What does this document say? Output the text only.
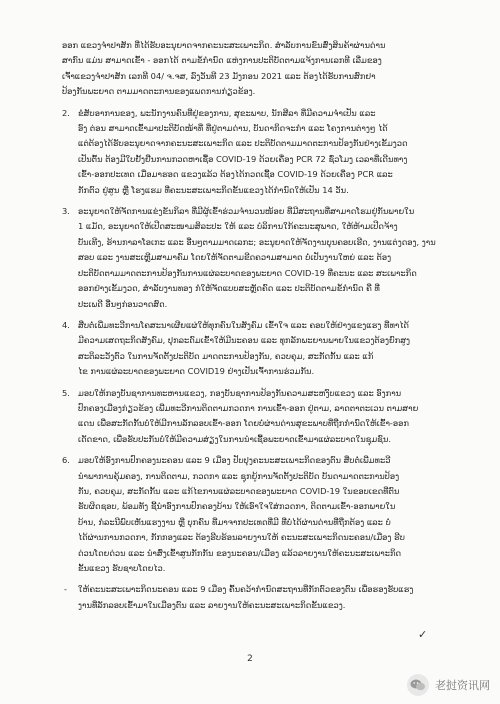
ອອກ ແຂວງຈຳປາສັກ ທີ່ໄດ້ຮັບອະນຸຍາດຈາກຄະນະສະເພາະກິດ. ສຳລັບການຂົນສົ່ງສິນຄ້າຜ່ານດ່ານ
ສາກົນ ແມ່ນ ສາມາດເຂົ້າ - ອອກໄດ້ ຕາມຂໍ້ກຳນົດ ແຫ່ງການປະຕິບັດຕາມແຈ້ງການເລກທີ ເລີ່ມຂອງ
ເຈົ້າແຂວງຈຳປາສັກ ເລກທີ 04/ ຈ.ຈສ, ລົງວັນທີ 23 ມັງກອນ 2021 ແລະ ຕ້ອງໄດ້ຮັບການສົກຢາ
ປ້ອງກັນພະຍາດ ຕາມມາດຕະການຂອງແພດການກ່ຽວຂ້ອງ.
2. ຂໍສັບອາການຂອງ, ພະນັກງານຄົນທີ່ຢູ່ຂອງການ, ສຸຂະພາບ, ນັກສີລາ ທີ່ມີຄວາມຈຳເປັນ ແລະ
ອົງ ຕ່ອນ ສາມາດເຂົ້າມາປະຕິບັດໜ້າທີ່ ທີ່ຢູ່ຕາມດ່ານ, ບັນດາກິດຈະກຳ ແລະ ໂຄງການຕ່າງໆ ໄດ້
ແຕ່ຕ້ອງໄດ້ຮັບອະນຸຍາດຈາກຄະນະສະເພາະກິດ ແລະ ປະຕິບັດຕາມມາດຕະການປ້ອງກັນຢ່າງເຂັ້ມງວດ
ເປັນຕົ້ນ ຕ້ອງມີໃບຢັ້ງຢືນການກວດຫາເຊື້ອ COVID-19 ດ້ວຍເຄື່ອງ PCR 72 ຊົ່ວໂມງ ເວລາທີ່ເດີນທາງ
ເຂົ້າ-ອອກປະເທດ ເມື່ອມາຮອດ ແຂວງແລ້ວ ຕ້ອງໄດ້ກວດເຊື້ອ COVID-19 ດ້ວຍເຄື່ອງ PCR ແລະ
ກັກຕົວ ຢູ່ສູນ ຫຼື ໂຮງແຮມ ທີ່ຄະນະສະເພາະກິດຂັ້ນແຂວງໄດ້ກຳນົດໃຫ້ເປັນ 14 ວັນ.
3. ອະນຸຍາດໃຫ້ຈັດການແຂ່ງຂັນກິລາ ທີ່ມີຜູ້ເຂົ້າຮ່ວມຈຳນວນໜ້ອຍ ທີ່ມີສະຖານທີ່ສາມາດໂຮມຢູ່ກັນພາຍໃນ
1 ແມັດ, ອະນຸຍາດໃຫ້ເປີດສະໜາມສິລະປະ ໃຫ້ ແລະ ບໍລິການໃກ້ຄະນະສຸພາດ, ໃຫ້ຫ້າມເປີດຈ້າງ
ບັນເທີງ, ຮ້ານກາລາໂອເກະ ແລະ ອື່ນໆຕາມມາດເລກະ; ອະນຸຍາດໃຫ້ຈັດງານບຸນຄອບເຮີດ, ງານແຕ່ງດອງ, ງານ
ສອບ ແລະ ງານສະເຫຼີມສາມາຄົມ ໂດຍໃຫ້ຈັດຕາມຂີດຄວາມສາມາດ ບໍ່ເປັນງານໃຫຍ່ ແລະ ຕ້ອງ
ປະຕິບັດຕາມມາດຕະການປ້ອງກັນການແຜ່ລະບາດຂອງພະຍາດ COVID-19 ທີ່ຄະນະ ແລະ ສະເພາະກິດ
ອອກຢ່າງເຂັ້ມງວດ, ສຳລັບງານທອງ ກໍໃຫ້ຈັດແບບສະຫຼັດຄົດ ແລະ ປະຕິບັດຕາມຂໍ້ກຳນົດ ຄື ທີ່
ປະເພດີ ອື່ນໆກ່ອນວາດສົດ.
4. ສືບຕໍ່ເພີ່ມທະວີການໂຄສະນາເຜີຍແຜ່ໃຫ້ທຸກຄົນໃນສັງຄົມ ເຂົ້າໃຈ ແລະ ຄອບໃຫ້ຢ່າງແຂງແຮງ ທີ່ທາໄດ້
ມີຄວາມເສດຖະກິດສັງຄົມ, ປຸກລະດົມເຂົ້າໃຫ້ມີນະຄອນ ແລະ ທຸກລັກພະຍານພາຍໃນແຂວງຕ້ອງຍົກສູງ
ສະຕິລະວັງຕົວ ໃນການຈັດຕັ້ງປະຕິບັດ ມາດຕະການປ້ອງກັນ, ຄວບຄຸມ, ສະກັດກັ້ນ ແລະ ແກ້
ໄຂ ການແຜ່ລະບາດຂອງພະຍາດ COVID19 ຢ່າງເປັນເຈົ້າການຮ່ວມກັນ.
5. ມອບໃຫ້ກອງບັນຊາການທະຫານແຂວງ, ກອງບັນຊາການປ້ອງກັນຄວາມສະຫງົບແຂວງ ແລະ ອົງການ
ປົກຄອງເມືອງກ່ຽວຂ້ອງ ເພີ່ມທະວີການຕິດຕາມກວດກາ ການເຂົ້າ-ອອກ ຢູ່ຕາມ, ລາດຕາຕະເວນ ຕາມສາຍ
ແດນ ເພື່ອສະກັດກັ້ນບໍ່ໃຫ້ມີການລັກລອບເຂົ້າ-ອອກ ໂດຍບໍ່ຜ່ານດ່ານສຸຂະພາບທີ່ຖືກກຳນົດໃຫ້ເຂົ້າ-ອອກ
ເດັດຂາດ, ເພື່ອຮັບປະກັນບໍ່ໃຫ້ມີຄວາມສ່ຽງໃນການນຳເຊື້ອພະຍາດເຂົ້າມາແຜ່ລະບາດໃນຊຸມຊົນ.
6. ມອບໃຫ້ອົງການປົກຄອງນະຄອນ ແລະ 9 ເມືອງ ປັບປຸງຄະນະສະເພາະກິດຂອງຕົນ ສືບຕໍ່ເພີ່ມທະວີ
ນຳພາການຄຸ້ມຄອງ, ການຕິດຕາມ, ກວດກາ ແລະ ຊຸກຍູ້ການຈັດຕັ້ງປະຕິບັດ ບັນດາມາດຕະການປ້ອງ
ກັນ, ຄວບຄຸມ, ສະກັດກັ້ນ ແລະ ແກ້ໄຂການແຜ່ລະບາດຂອງພະຍາດ COVID-19 ໃນຂອບເຂດທີ່ຕົນ
ຮັບຜິດຊອບ, ພ້ອມທັງ ຊີ້ນຳອົງການປົກຄອງບ້ານ ໃຫ້ເອົາໃຈໃສ່ກວດກາ, ຕິດຕາມເຂົ້າ-ອອກພາຍໃນ
ບ້ານ, ກໍລະນີພົບເຫັນແຮງງານ ຫຼື ບຸກຄົນ ທີ່ມາຈາກປະເທດທີ່ມີ ທີ່ບໍ່ໄດ້ຜ່ານດ່ານທີ່ຖືກຕ້ອງ ແລະ ບໍ່
ໄດ້ຜ່ານການກວດກາ, ກັກກອງແລະ ຕ້ອງຮີບຮ້ອນລາຍງານໃຫ້ ຄະນະສະເພາະກິດນະຄອນ/ເມືອງ ຮີບ
ດ່ວນໂດຍດ່ວນ ແລະ ນຳສົ່ງເຂົ້າສູນກັກກັນ ຂອງນະຄອນ/ເມືອງ ແລ້ວລາຍງານໃຫ້ຄະນະສະເພາະກິດ
ຂັ້ນແຂວງ ຮັບຊາບໂດຍໄວ.
- ໃຫ້ຄະນະສະເພາະກິດນະຄອນ ແລະ 9 ເມືອງ ຄົ້ນຄວ້າກຳນົດສະຖານທີ່ກັກຕົວຂອງຕົນ ເພື່ອຮອງຮັບແຮງ
ງານທີ່ລັກລອບເຂົ້າມາໃນເມືອງຕົນ ແລະ ລາຍງານໃຫ້ຄະນະສະເພາະກິດຂັ້ນແຂວງ.
✓
2
老挝资讯网
